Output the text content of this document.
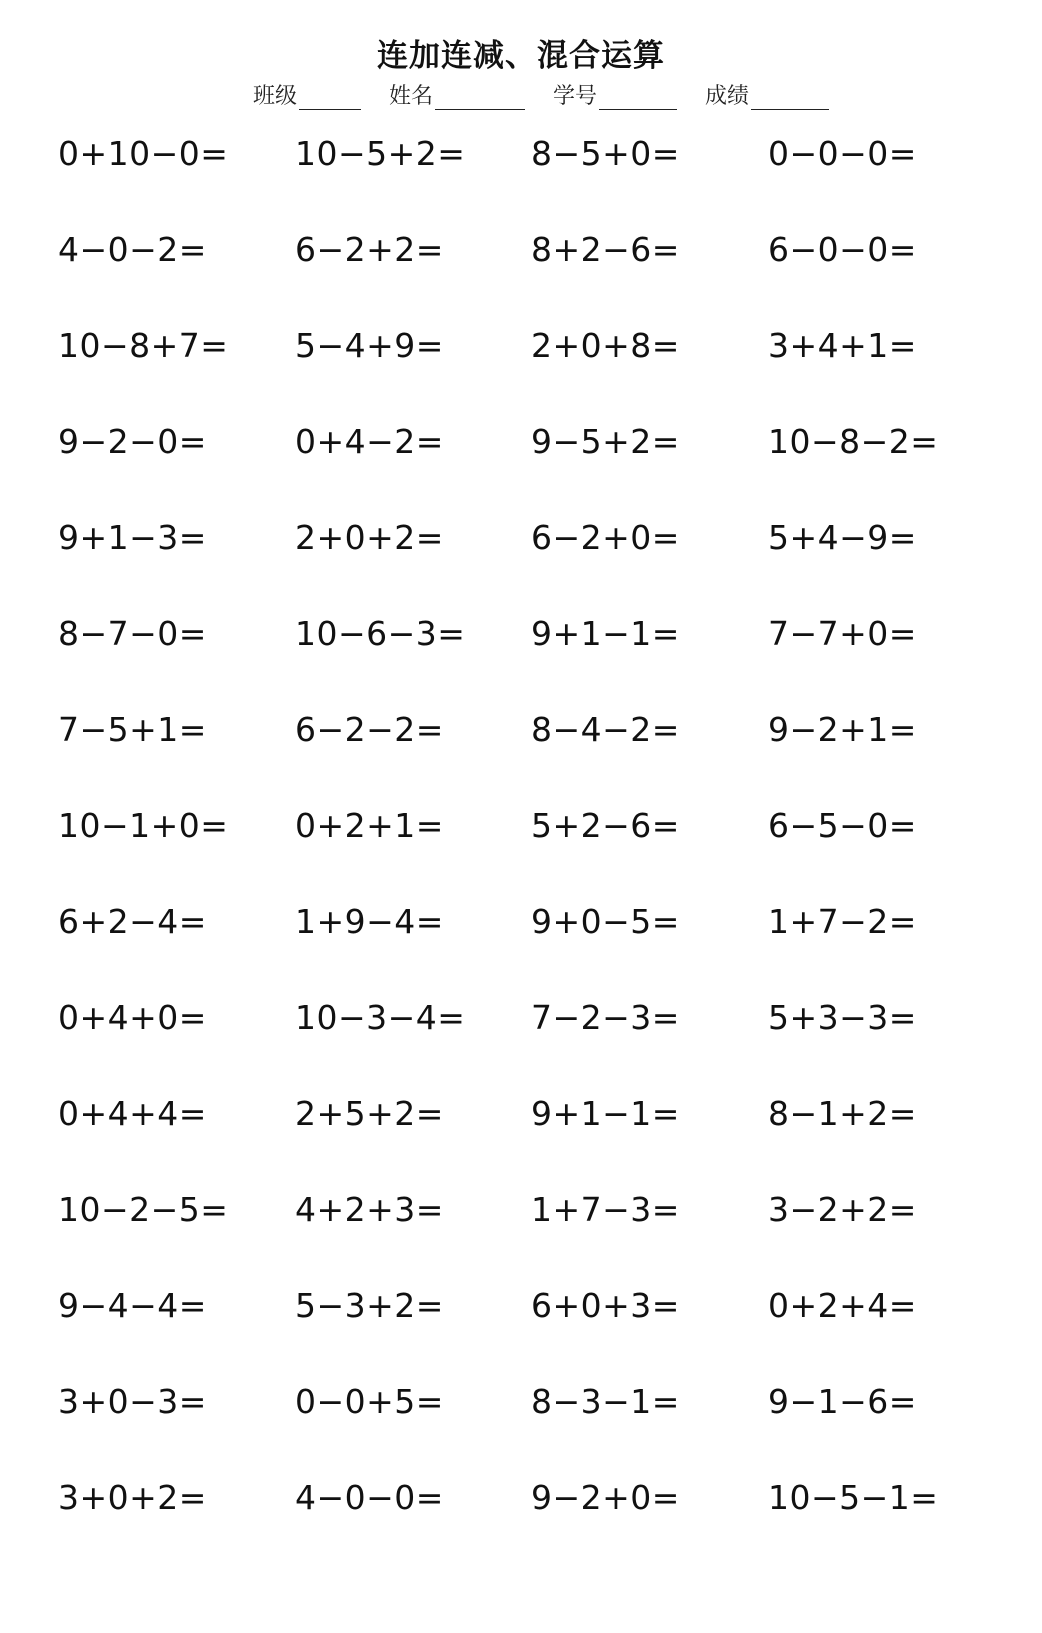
连加连减、混合运算
班级	姓名	学号	成绩
0+10−0=	10−5+2=	8−5+0=	0−0−0=
4−0−2=	6−2+2=	8+2−6=	6−0−0=
10−8+7=	5−4+9=	2+0+8=	3+4+1=
9−2−0=	0+4−2=	9−5+2=	10−8−2=
9+1−3=	2+0+2=	6−2+0=	5+4−9=
8−7−0=	10−6−3=	9+1−1=	7−7+0=
7−5+1=	6−2−2=	8−4−2=	9−2+1=
10−1+0=	0+2+1=	5+2−6=	6−5−0=
6+2−4=	1+9−4=	9+0−5=	1+7−2=
0+4+0=	10−3−4=	7−2−3=	5+3−3=
0+4+4=	2+5+2=	9+1−1=	8−1+2=
10−2−5=	4+2+3=	1+7−3=	3−2+2=
9−4−4=	5−3+2=	6+0+3=	0+2+4=
3+0−3=	0−0+5=	8−3−1=	9−1−6=
3+0+2=	4−0−0=	9−2+0=	10−5−1=
